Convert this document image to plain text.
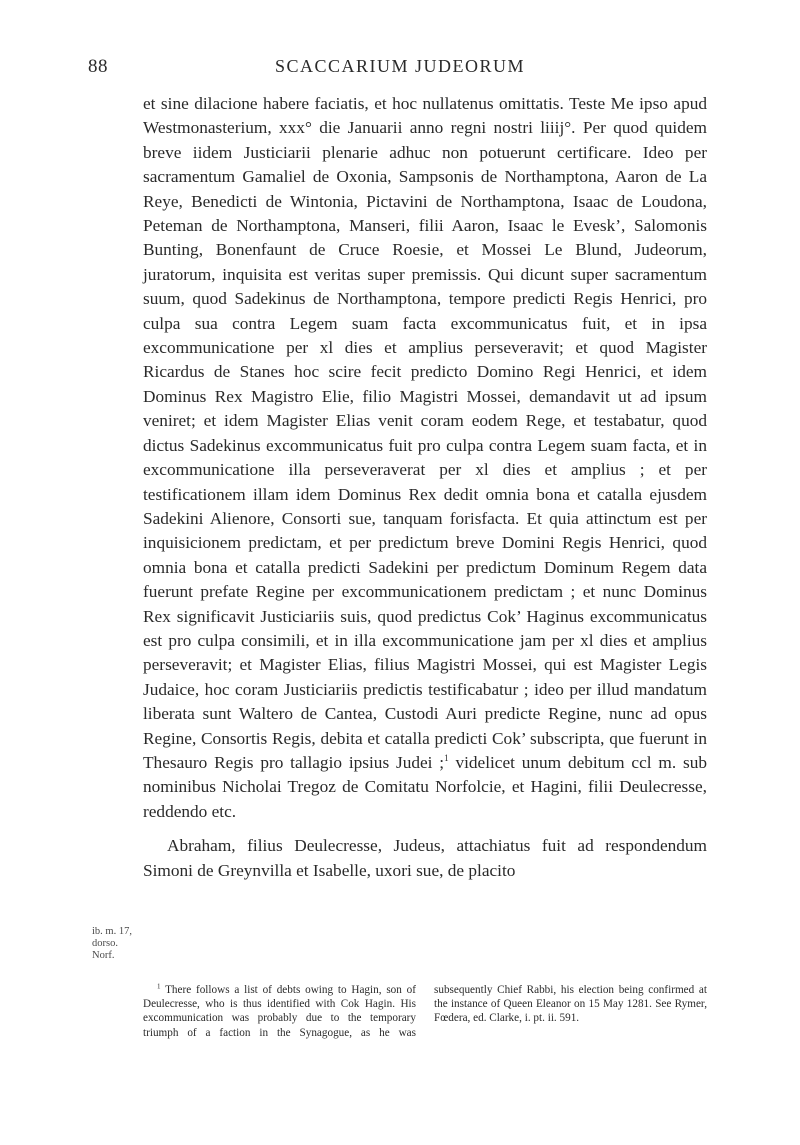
88	SCACCARIUM JUDEORUM

et sine dilacione habere faciatis, et hoc nullatenus omittatis. Teste Me ipso apud Westmonasterium, xxx° die Januarii anno regni nostri liiij°. Per quod quidem breve iidem Justiciarii plenarie adhuc non potuerunt certificare. Ideo per sacramentum Gamaliel de Oxonia, Sampsonis de Northamptona, Aaron de La Reye, Benedicti de Wintonia, Pictavini de Northamptona, Isaac de Loudona, Peteman de Northamptona, Manseri, filii Aaron, Isaac le Evesk’, Salomonis Bunting, Bonenfaunt de Cruce Roesie, et Mossei Le Blund, Judeorum, juratorum, inquisita est veritas super premissis. Qui dicunt super sacramentum suum, quod Sadekinus de Northamptona, tempore predicti Regis Henrici, pro culpa sua contra Legem suam facta excommunicatus fuit, et in ipsa excommunicatione per xl dies et amplius perseveravit; et quod Magister Ricardus de Stanes hoc scire fecit predicto Domino Regi Henrici, et idem Dominus Rex Magistro Elie, filio Magistri Mossei, demandavit ut ad ipsum veniret; et idem Magister Elias venit coram eodem Rege, et testabatur, quod dictus Sadekinus excommunicatus fuit pro culpa contra Legem suam facta, et in excommunicatione illa perseveraverat per xl dies et amplius ; et per testificationem illam idem Dominus Rex dedit omnia bona et catalla ejusdem Sadekini Alienore, Consorti sue, tanquam forisfacta. Et quia attinctum est per inquisicionem predictam, et per predictum breve Domini Regis Henrici, quod omnia bona et catalla predicti Sadekini per predictum Dominum Regem data fuerunt prefate Regine per excommunicationem predictam ; et nunc Dominus Rex significavit Justiciariis suis, quod predictus Cok’ Haginus excommunicatus est pro culpa consimili, et in illa excommunicatione jam per xl dies et amplius perseveravit; et Magister Elias, filius Magistri Mossei, qui est Magister Legis Judaice, hoc coram Justiciariis predictis testificabatur ; ideo per illud mandatum liberata sunt Waltero de Cantea, Custodi Auri predicte Regine, nunc ad opus Regine, Consortis Regis, debita et catalla predicti Cok’ subscripta, que fuerunt in Thesauro Regis pro tallagio ipsius Judei ;$^1$ videlicet unum debitum ccl m. sub nominibus Nicholai Tregoz de Comitatu Norfolcie, et Hagini, filii Deulecresse, reddendo etc.

Abraham, filius Deulecresse, Judeus, attachiatus fuit ad respondendum Simoni de Greynvilla et Isabelle, uxori sue, de placito

ib. m. 17,
dorso.
Norf.

$^1$ There follows a list of debts owing to Hagin, son of Deulecresse, who is thus identified with Cok Hagin. His excommunication was probably due to the temporary triumph of a faction in the Synagogue, as he was subsequently Chief Rabbi, his election being confirmed at the instance of Queen Eleanor on 15 May 1281. See Rymer, Fœdera, ed. Clarke, i. pt. ii. 591.
